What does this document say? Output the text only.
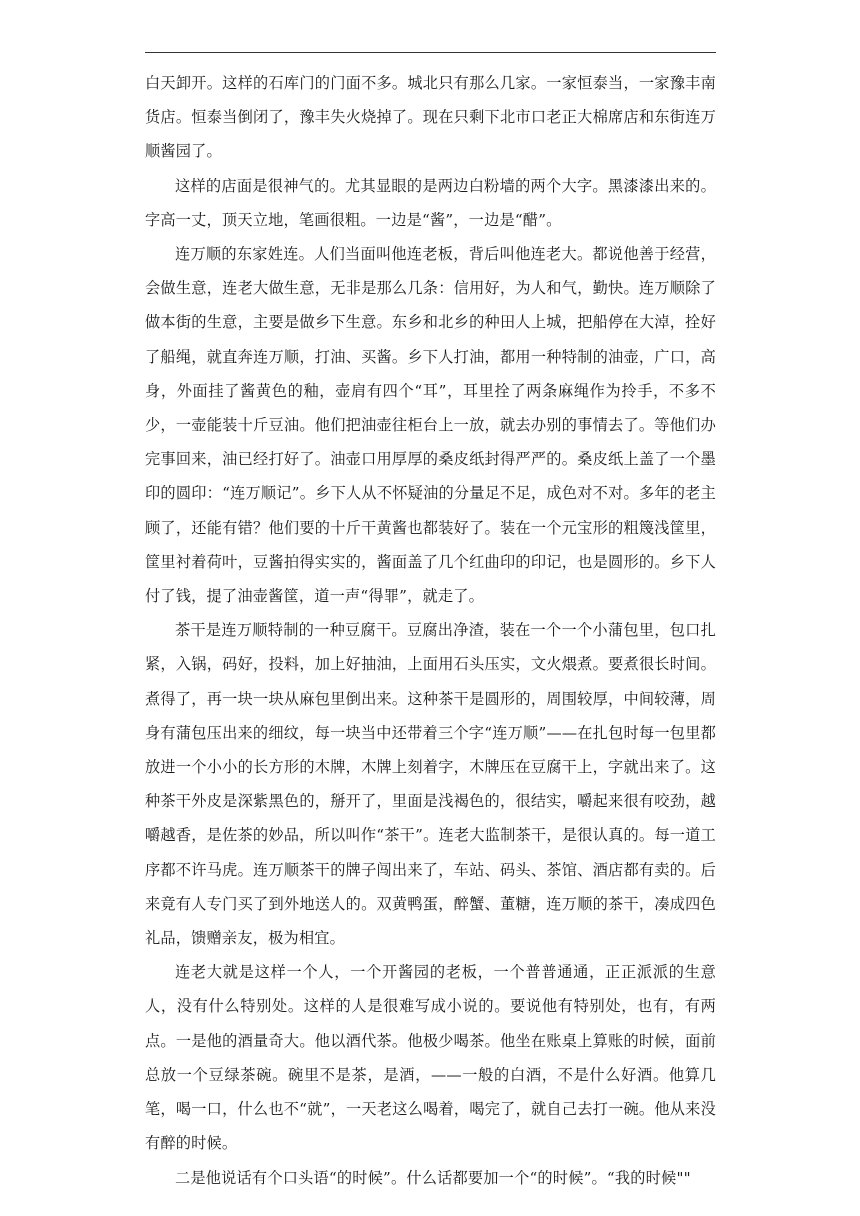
白天卸开。这样的石库门的门面不多。城北只有那么几家。一家恒泰当，一家豫丰南货店。恒泰当倒闭了，豫丰失火烧掉了。现在只剩下北市口老正大棉席店和东街连万顺酱园了。

这样的店面是很神气的。尤其显眼的是两边白粉墙的两个大字。黑漆漆出来的。字高一丈，顶天立地，笔画很粗。一边是“酱”，一边是“醋”。

连万顺的东家姓连。人们当面叫他连老板，背后叫他连老大。都说他善于经营，会做生意，连老大做生意，无非是那么几条：信用好，为人和气，勤快。连万顺除了做本街的生意，主要是做乡下生意。东乡和北乡的种田人上城，把船停在大淖，拴好了船绳，就直奔连万顺，打油、买酱。乡下人打油，都用一种特制的油壶，广口，高身，外面挂了酱黄色的釉，壶肩有四个“耳”，耳里拴了两条麻绳作为拎手，不多不少，一壶能装十斤豆油。他们把油壶往柜台上一放，就去办别的事情去了。等他们办完事回来，油已经打好了。油壶口用厚厚的桑皮纸封得严严的。桑皮纸上盖了一个墨印的圆印：“连万顺记”。乡下人从不怀疑油的分量足不足，成色对不对。多年的老主顾了，还能有错？他们要的十斤干黄酱也都装好了。装在一个元宝形的粗篾浅筐里，筐里衬着荷叶，豆酱拍得实实的，酱面盖了几个红曲印的印记，也是圆形的。乡下人付了钱，提了油壶酱筐，道一声“得罪”，就走了。

茶干是连万顺特制的一种豆腐干。豆腐出净渣，装在一个一个小蒲包里，包口扎紧，入锅，码好，投料，加上好抽油，上面用石头压实，文火煨煮。要煮很长时间。煮得了，再一块一块从麻包里倒出来。这种茶干是圆形的，周围较厚，中间较薄，周身有蒲包压出来的细纹，每一块当中还带着三个字“连万顺”——在扎包时每一包里都放进一个小小的长方形的木牌，木牌上刻着字，木牌压在豆腐干上，字就出来了。这种茶干外皮是深紫黑色的，掰开了，里面是浅褐色的，很结实，嚼起来很有咬劲，越嚼越香，是佐茶的妙品，所以叫作“茶干”。连老大监制茶干，是很认真的。每一道工序都不许马虎。连万顺茶干的牌子闯出来了，车站、码头、茶馆、酒店都有卖的。后来竟有人专门买了到外地送人的。双黄鸭蛋，醉蟹、董糖，连万顺的茶干，凑成四色礼品，馈赠亲友，极为相宜。

连老大就是这样一个人，一个开酱园的老板，一个普普通通，正正派派的生意人，没有什么特别处。这样的人是很难写成小说的。要说他有特别处，也有，有两点。一是他的酒量奇大。他以酒代茶。他极少喝茶。他坐在账桌上算账的时候，面前总放一个豆绿茶碗。碗里不是茶，是酒，——一般的白酒，不是什么好酒。他算几笔，喝一口，什么也不“就”，一天老这么喝着，喝完了，就自己去打一碗。他从来没有醉的时候。

二是他说话有个口头语“的时候”。什么话都要加一个“的时候”。“我的时候""
